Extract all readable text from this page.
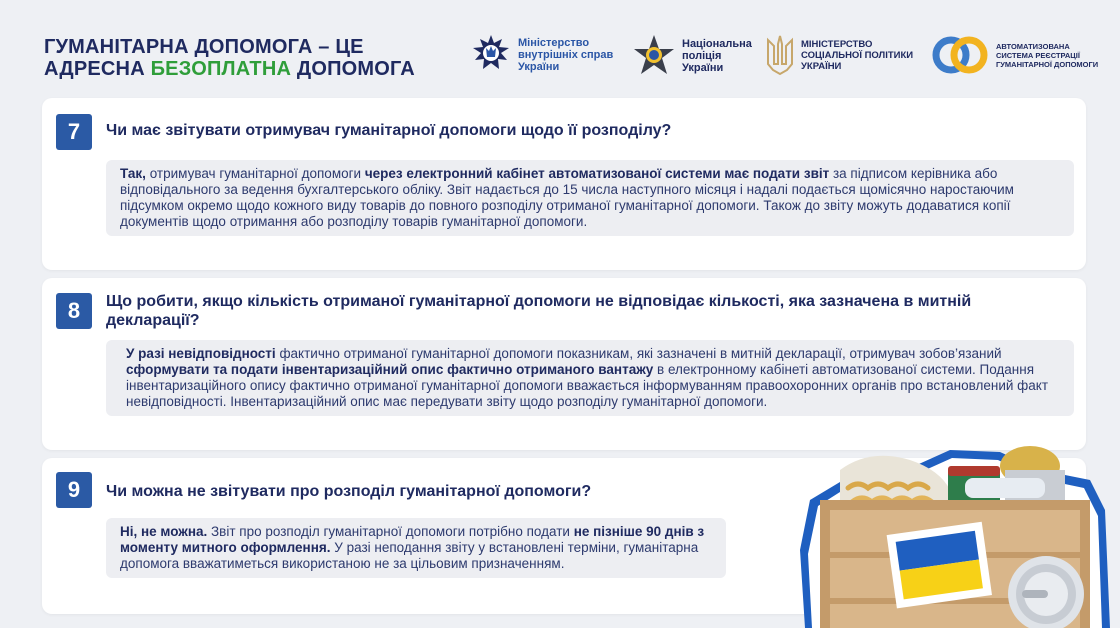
ГУМАНІТАРНА ДОПОМОГА – ЦЕ
АДРЕСНА БЕЗОПЛАТНА ДОПОМОГА
Міністерство
внутрішніх справ
України
Національна
поліція
України
МІНІСТЕРСТВО
СОЦІАЛЬНОЇ ПОЛІТИКИ
УКРАЇНИ
АВТОМАТИЗОВАНА
СИСТЕМА РЕЄСТРАЦІЇ
ГУМАНІТАРНОЇ ДОПОМОГИ
7	Чи має звітувати отримувач гуманітарної допомоги щодо її розподілу?
Так, отримувач гуманітарної допомоги через електронний кабінет автоматизованої системи має подати звіт за підписом керівника або відповідального за ведення бухгалтерського обліку. Звіт надається до 15 числа наступного місяця і надалі подається щомісячно наростаючим підсумком окремо щодо кожного виду товарів до повного розподілу отриманої гуманітарної допомоги. Також до звіту можуть додаватися копії документів щодо отримання або розподілу товарів гуманітарної допомоги.
8	Що робити, якщо кількість отриманої гуманітарної допомоги не відповідає кількості, яка зазначена в митній декларації?
У разі невідповідності фактично отриманої гуманітарної допомоги показникам, які зазначені в митній декларації, отримувач зобов’язаний сформувати та подати інвентаризаційний опис фактично отриманого вантажу в електронному кабінеті автоматизованої системи. Подання інвентаризаційного опису фактично отриманої гуманітарної допомоги вважається інформуванням правоохоронних органів про встановлений факт невідповідності. Інвентаризаційний опис має передувати звіту щодо розподілу гуманітарної допомоги.
9	Чи можна не звітувати про розподіл гуманітарної допомоги?
Ні, не можна. Звіт про розподіл гуманітарної допомоги потрібно подати не пізніше 90 днів з моменту митного оформлення. У разі неподання звіту у встановлені терміни, гуманітарна допомога вважатиметься використаною не за цільовим призначенням.
